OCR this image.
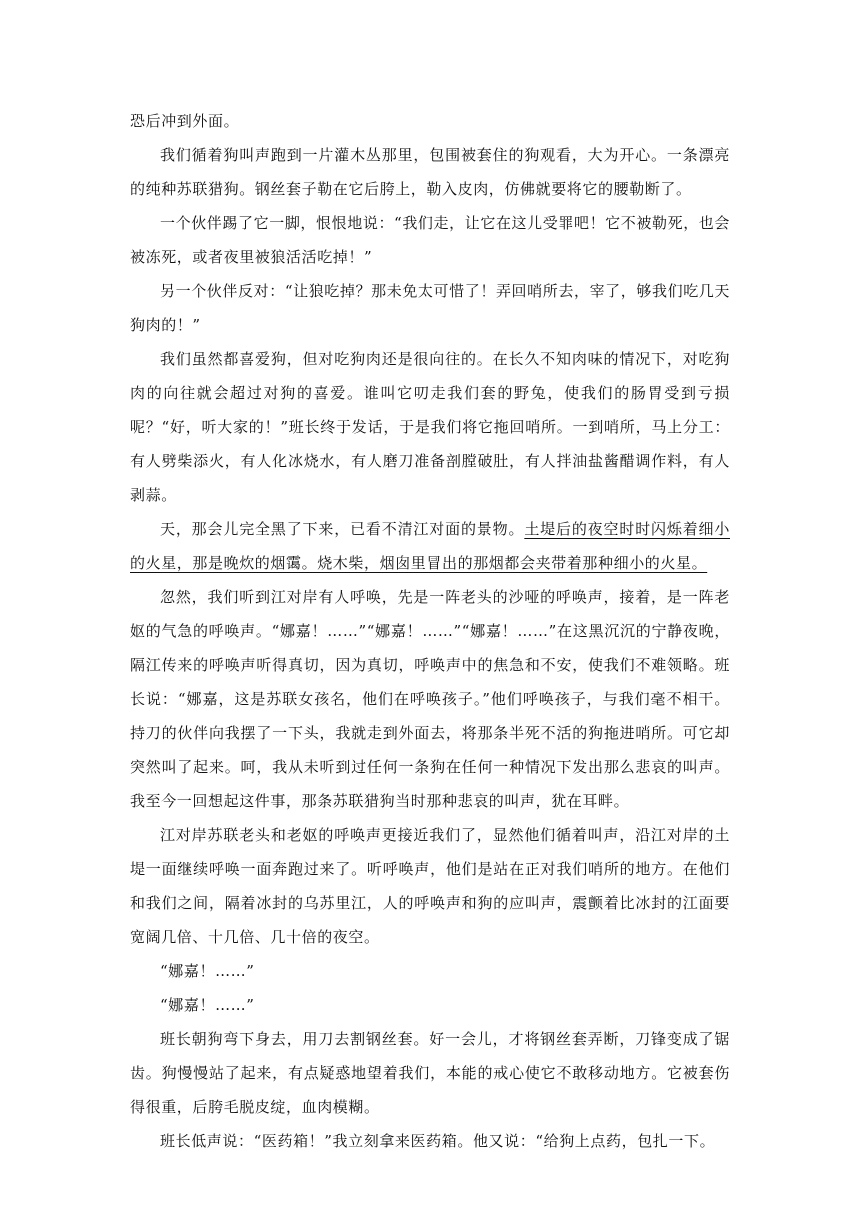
恐后冲到外面。

我们循着狗叫声跑到一片灌木丛那里，包围被套住的狗观看，大为开心。一条漂亮的纯种苏联猎狗。钢丝套子勒在它后胯上，勒入皮肉，仿佛就要将它的腰勒断了。

一个伙伴踢了它一脚，恨恨地说：“我们走，让它在这儿受罪吧！它不被勒死，也会被冻死，或者夜里被狼活活吃掉！”

另一个伙伴反对：“让狼吃掉？那未免太可惜了！弄回哨所去，宰了，够我们吃几天狗肉的！”

我们虽然都喜爱狗，但对吃狗肉还是很向往的。在长久不知肉味的情况下，对吃狗肉的向往就会超过对狗的喜爱。谁叫它叨走我们套的野兔，使我们的肠胃受到亏损呢？“好，听大家的！”班长终于发话，于是我们将它拖回哨所。一到哨所，马上分工：有人劈柴添火，有人化冰烧水，有人磨刀准备剖膛破肚，有人拌油盐酱醋调作料，有人剥蒜。

天，那会儿完全黑了下来，已看不清江对面的景物。土堤后的夜空时时闪烁着细小的火星，那是晚炊的烟霭。烧木柴，烟囱里冒出的那烟都会夹带着那种细小的火星。

忽然，我们听到江对岸有人呼唤，先是一阵老头的沙哑的呼唤声，接着，是一阵老妪的气急的呼唤声。“娜嘉！……”“娜嘉！……”“娜嘉！……”在这黑沉沉的宁静夜晚，隔江传来的呼唤声听得真切，因为真切，呼唤声中的焦急和不安，使我们不难领略。班长说：“娜嘉，这是苏联女孩名，他们在呼唤孩子。”他们呼唤孩子，与我们毫不相干。持刀的伙伴向我摆了一下头，我就走到外面去，将那条半死不活的狗拖进哨所。可它却突然叫了起来。呵，我从未听到过任何一条狗在任何一种情况下发出那么悲哀的叫声。我至今一回想起这件事，那条苏联猎狗当时那种悲哀的叫声，犹在耳畔。

江对岸苏联老头和老妪的呼唤声更接近我们了，显然他们循着叫声，沿江对岸的土堤一面继续呼唤一面奔跑过来了。听呼唤声，他们是站在正对我们哨所的地方。在他们和我们之间，隔着冰封的乌苏里江，人的呼唤声和狗的应叫声，震颤着比冰封的江面要宽阔几倍、十几倍、几十倍的夜空。

“娜嘉！……”

“娜嘉！……”

班长朝狗弯下身去，用刀去割钢丝套。好一会儿，才将钢丝套弄断，刀锋变成了锯齿。狗慢慢站了起来，有点疑惑地望着我们，本能的戒心使它不敢移动地方。它被套伤得很重，后胯毛脱皮绽，血肉模糊。

班长低声说：“医药箱！”我立刻拿来医药箱。他又说：“给狗上点药，包扎一下。
